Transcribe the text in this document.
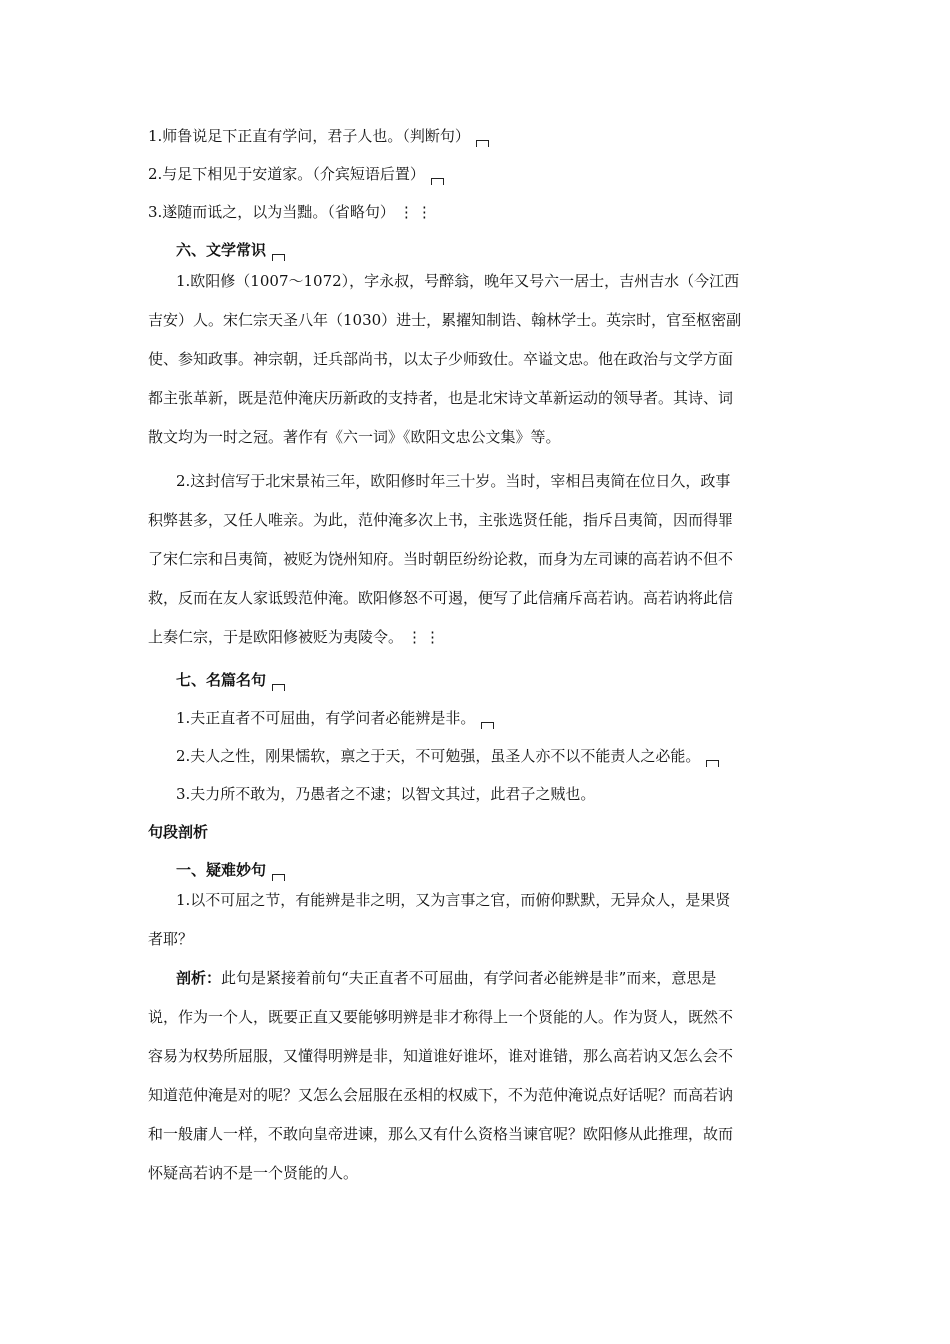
1.师鲁说足下正直有学问，君子人也。（判断句）
2.与足下相见于安道家。（介宾短语后置）
3.遂随而诋之，以为当黜。（省略句） ⋮⋮
六、文学常识
1.欧阳修（1007～1072），字永叔，号醉翁，晚年又号六一居士，吉州吉水（今江西
吉安）人。宋仁宗天圣八年（1030）进士，累擢知制诰、翰林学士。英宗时，官至枢密副
使、参知政事。神宗朝，迁兵部尚书，以太子少师致仕。卒谥文忠。他在政治与文学方面
都主张革新，既是范仲淹庆历新政的支持者，也是北宋诗文革新运动的领导者。其诗、词
散文均为一时之冠。著作有《六一词》《欧阳文忠公文集》等。
2.这封信写于北宋景祐三年，欧阳修时年三十岁。当时，宰相吕夷简在位日久，政事
积弊甚多，又任人唯亲。为此，范仲淹多次上书，主张选贤任能，指斥吕夷简，因而得罪
了宋仁宗和吕夷简，被贬为饶州知府。当时朝臣纷纷论救，而身为左司谏的高若讷不但不
救，反而在友人家诋毁范仲淹。欧阳修怒不可遏，便写了此信痛斥高若讷。高若讷将此信
上奏仁宗，于是欧阳修被贬为夷陵令。 ⋮⋮
七、名篇名句
1.夫正直者不可屈曲，有学问者必能辨是非。
2.夫人之性，刚果懦软，禀之于天，不可勉强，虽圣人亦不以不能责人之必能。
3.夫力所不敢为，乃愚者之不逮；以智文其过，此君子之贼也。
句段剖析
一、疑难妙句
1.以不可屈之节，有能辨是非之明，又为言事之官，而俯仰默默，无异众人，是果贤
者耶？
剖析：此句是紧接着前句“夫正直者不可屈曲，有学问者必能辨是非”而来，意思是
说，作为一个人，既要正直又要能够明辨是非才称得上一个贤能的人。作为贤人，既然不
容易为权势所屈服，又懂得明辨是非，知道谁好谁坏，谁对谁错，那么高若讷又怎么会不
知道范仲淹是对的呢？又怎么会屈服在丞相的权威下，不为范仲淹说点好话呢？而高若讷
和一般庸人一样，不敢向皇帝进谏，那么又有什么资格当谏官呢？欧阳修从此推理，故而
怀疑高若讷不是一个贤能的人。
